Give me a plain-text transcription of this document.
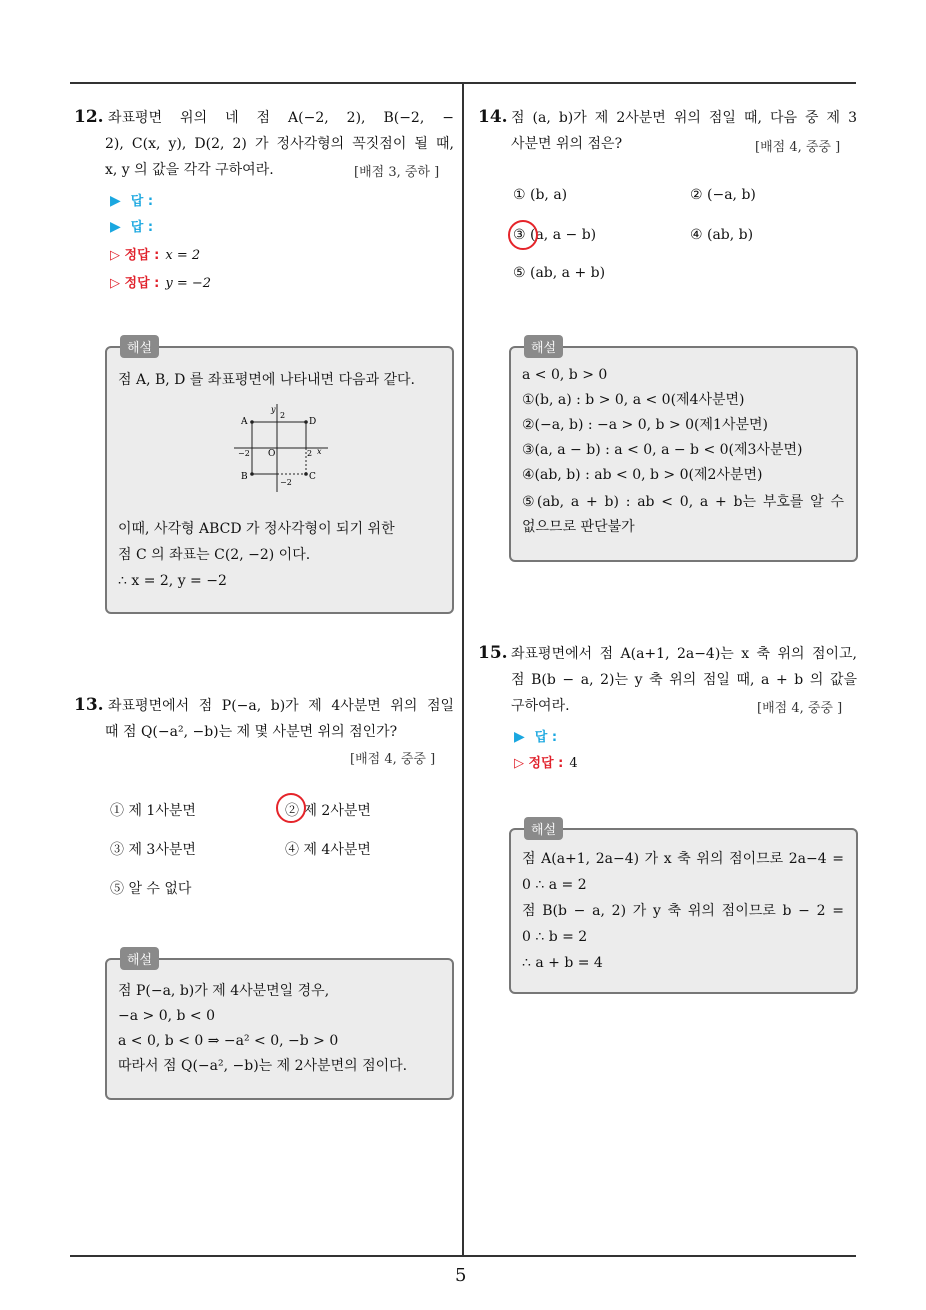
5
12. 좌표평면 위의 네 점 A(−2, 2), B(−2, −
2), C(x, y), D(2, 2) 가 정사각형의 꼭짓점이 될 때,
x, y 의 값을 각각 구하여라.	[배점 3, 중하 ]
▶ 답 :
▶ 답 :
▷ 정답 : x = 2
▷ 정답 : y = −2
해설
점 A, B, D 를 좌표평면에 나타내면 다음과 같다.
A	D
B	C
O	x
y
2
−2	2
−2
이때, 사각형 ABCD 가 정사각형이 되기 위한
점 C 의 좌표는 C(2, −2) 이다.
∴ x = 2, y = −2
13. 좌표평면에서 점 P(−a, b)가 제 4사분면 위의 점일
때 점 Q(−a², −b)는 제 몇 사분면 위의 점인가?
[배점 4, 중중 ]
① 제 1사분면	② 제 2사분면
③ 제 3사분면	④ 제 4사분면
⑤ 알 수 없다
해설
점 P(−a, b)가 제 4사분면일 경우,
−a > 0, b < 0
a < 0, b < 0 ⇒ −a² < 0, −b > 0
따라서 점 Q(−a², −b)는 제 2사분면의 점이다.
14. 점 (a, b)가 제 2사분면 위의 점일 때, 다음 중 제 3
사분면 위의 점은?	[배점 4, 중중 ]
① (b, a)	② (−a, b)
③ (a, a − b)	④ (ab, b)
⑤ (ab, a + b)
해설
a < 0, b > 0
①(b, a) : b > 0, a < 0(제4사분면)
②(−a, b) : −a > 0, b > 0(제1사분면)
③(a, a − b) : a < 0, a − b < 0(제3사분면)
④(ab, b) : ab < 0, b > 0(제2사분면)
⑤(ab, a + b) : ab < 0, a + b는 부호를 알 수
없으므로 판단불가
15. 좌표평면에서 점 A(a+1, 2a−4)는 x 축 위의 점이고,
점 B(b − a, 2)는 y 축 위의 점일 때, a + b 의 값을
구하여라.	[배점 4, 중중 ]
▶ 답 :
▷ 정답 : 4
해설
점 A(a+1, 2a−4) 가 x 축 위의 점이므로 2a−4 =
0 ∴ a = 2
점 B(b − a, 2) 가 y 축 위의 점이므로 b − 2 =
0 ∴ b = 2
∴ a + b = 4
